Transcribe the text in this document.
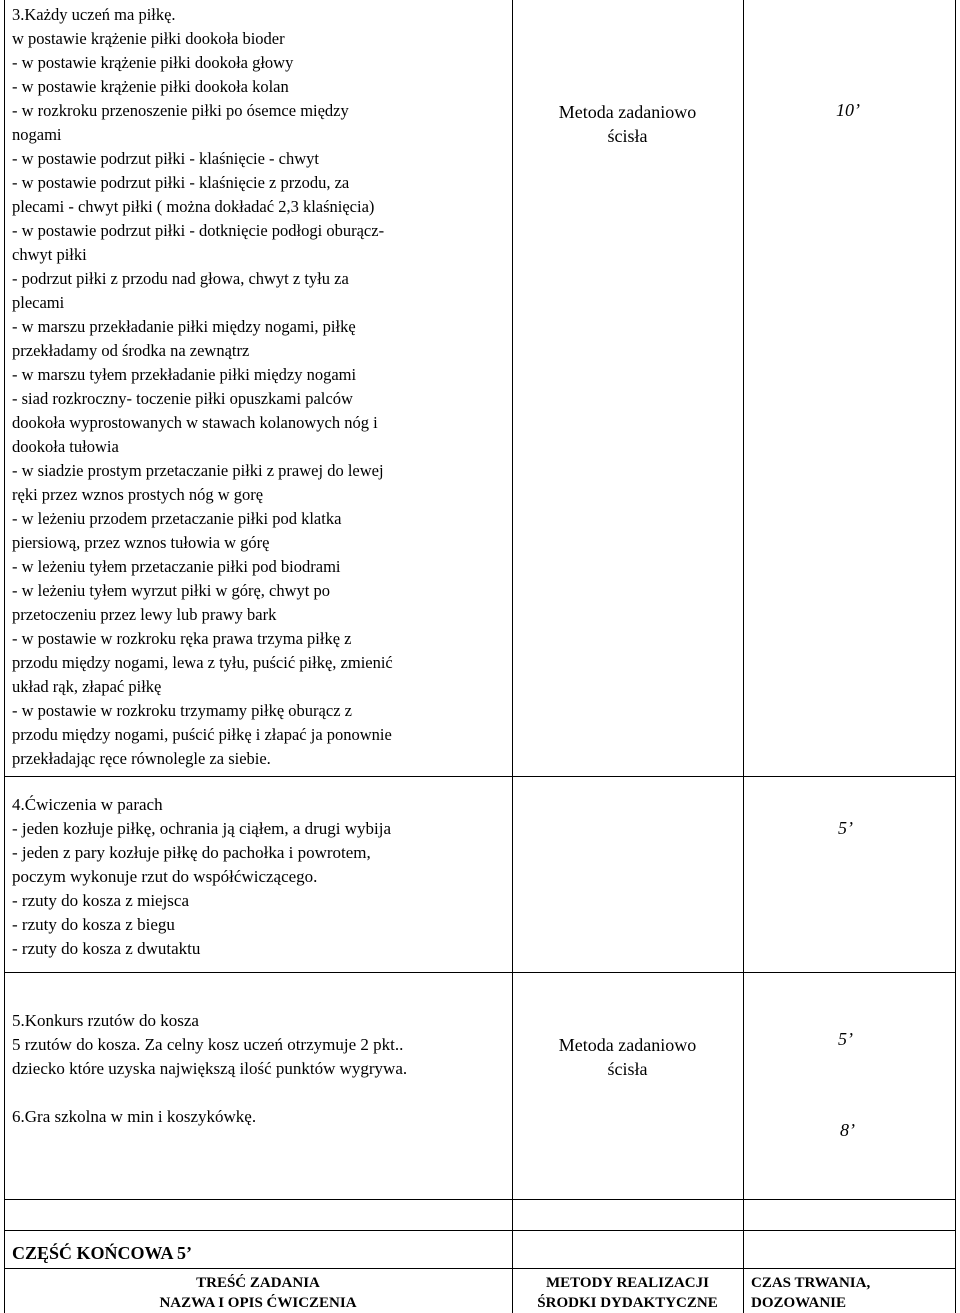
3.Każdy uczeń ma piłkę.
w postawie krążenie piłki dookoła bioder
- w postawie krążenie piłki dookoła głowy
- w postawie krążenie piłki dookoła kolan
- w rozkroku przenoszenie piłki po ósemce między
nogami
- w postawie podrzut piłki - klaśnięcie - chwyt
- w postawie podrzut piłki - klaśnięcie z przodu, za
plecami - chwyt piłki ( można dokładać 2,3 klaśnięcia)
- w postawie podrzut piłki - dotknięcie podłogi oburącz-
chwyt piłki
- podrzut piłki z przodu nad głowa, chwyt z tyłu za
plecami
- w marszu przekładanie piłki między nogami, piłkę
przekładamy od środka na zewnątrz
- w marszu tyłem przekładanie piłki między nogami
- siad rozkroczny- toczenie piłki opuszkami palców
dookoła wyprostowanych w stawach kolanowych nóg i
dookoła tułowia
- w siadzie prostym przetaczanie piłki z prawej do lewej
ręki przez wznos prostych nóg w gorę
- w leżeniu przodem przetaczanie piłki pod klatka
piersiową, przez wznos tułowia w górę
- w leżeniu tyłem przetaczanie piłki pod biodrami
- w leżeniu tyłem wyrzut piłki w górę, chwyt po
przetoczeniu przez lewy lub prawy bark
- w postawie w rozkroku ręka prawa trzyma piłkę z
przodu między nogami, lewa z tyłu, puścić piłkę, zmienić
układ rąk, złapać piłkę
- w postawie w rozkroku trzymamy piłkę oburącz z
przodu między nogami, puścić piłkę i złapać ja ponownie
przekładając ręce równolegle za siebie.
Metoda zadaniowo
ścisła
10’
4.Ćwiczenia w parach
- jeden kozłuje piłkę, ochrania ją ciąłem, a drugi wybija
- jeden z pary kozłuje piłkę do pachołka i powrotem,
poczym wykonuje rzut do współćwiczącego.
- rzuty do kosza z miejsca
- rzuty do kosza z biegu
- rzuty do kosza z dwutaktu
5’
5.Konkurs rzutów do kosza
5 rzutów do kosza. Za celny kosz uczeń otrzymuje 2 pkt..
dziecko które uzyska największą ilość punktów wygrywa.
Metoda zadaniowo
ścisła
5’
6.Gra szkolna w min i koszykówkę.
8’
CZĘŚĆ KOŃCOWA 5’
TREŚĆ ZADANIA
NAZWA I OPIS ĆWICZENIA
METODY REALIZACJI
ŚRODKI DYDAKTYCZNE
CZAS TRWANIA,
DOZOWANIE
